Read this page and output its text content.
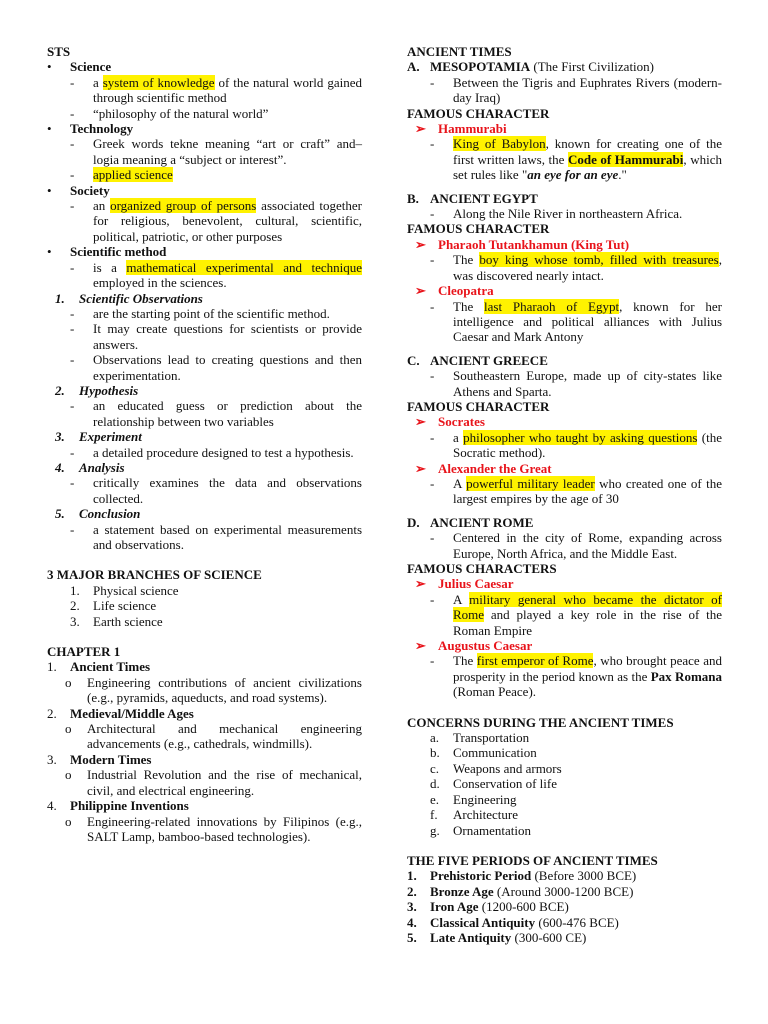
STS
•	Science
-	a system of knowledge of the natural world gained through scientific method
-	“philosophy of the natural world”
•	Technology
-	Greek words tekne meaning “art or craft” and– logia meaning a “subject or interest”.
-	applied science
•	Society
-	an organized group of persons associated together for religious, benevolent, cultural, scientific, political, patriotic, or other purposes
•	Scientific method
-	is a mathematical experimental and technique employed in the sciences.
1.	Scientific Observations
-	are the starting point of the scientific method.
-	It may create questions for scientists or provide answers.
-	Observations lead to creating questions and then experimentation.
2.	Hypothesis
-	an educated guess or prediction about the relationship between two variables
3.	Experiment
-	a detailed procedure designed to test a hypothesis.
4.	Analysis
-	critically examines the data and observations collected.
5.	Conclusion
-	a statement based on experimental measurements and observations.
3 MAJOR BRANCHES OF SCIENCE
1.	Physical science
2.	Life science
3.	Earth science
CHAPTER 1
1.	Ancient Times
o	Engineering contributions of ancient civilizations (e.g., pyramids, aqueducts, and road systems).
2.	Medieval/Middle Ages
o	Architectural and mechanical engineering advancements (e.g., cathedrals, windmills).
3.	Modern Times
o	Industrial Revolution and the rise of mechanical, civil, and electrical engineering.
4.	Philippine Inventions
o	Engineering-related innovations by Filipinos (e.g., SALT Lamp, bamboo-based technologies).
ANCIENT TIMES
A. MESOPOTAMIA (The First Civilization)
-	Between the Tigris and Euphrates Rivers (modern-day Iraq)
FAMOUS CHARACTER
➢ Hammurabi
-	King of Babylon, known for creating one of the first written laws, the Code of Hammurabi, which set rules like "an eye for an eye."
B. ANCIENT EGYPT
-	Along the Nile River in northeastern Africa.
FAMOUS CHARACTER
➢ Pharaoh Tutankhamun (King Tut)
-	The boy king whose tomb, filled with treasures, was discovered nearly intact.
➢ Cleopatra
-	The last Pharaoh of Egypt, known for her intelligence and political alliances with Julius Caesar and Mark Antony
C. ANCIENT GREECE
-	Southeastern Europe, made up of city-states like Athens and Sparta.
FAMOUS CHARACTER
➢ Socrates
-	a philosopher who taught by asking questions (the Socratic method).
➢ Alexander the Great
-	A powerful military leader who created one of the largest empires by the age of 30
D. ANCIENT ROME
-	Centered in the city of Rome, expanding across Europe, North Africa, and the Middle East.
FAMOUS CHARACTERS
➢ Julius Caesar
-	A military general who became the dictator of Rome and played a key role in the rise of the Roman Empire
➢ Augustus Caesar
-	The first emperor of Rome, who brought peace and prosperity in the period known as the Pax Romana (Roman Peace).
CONCERNS DURING THE ANCIENT TIMES
a.	Transportation
b.	Communication
c.	Weapons and armors
d.	Conservation of life
e.	Engineering
f.	Architecture
g.	Ornamentation
THE FIVE PERIODS OF ANCIENT TIMES
1.	Prehistoric Period (Before 3000 BCE)
2.	Bronze Age (Around 3000-1200 BCE)
3.	Iron Age (1200-600 BCE)
4.	Classical Antiquity (600-476 BCE)
5.	Late Antiquity (300-600 CE)
